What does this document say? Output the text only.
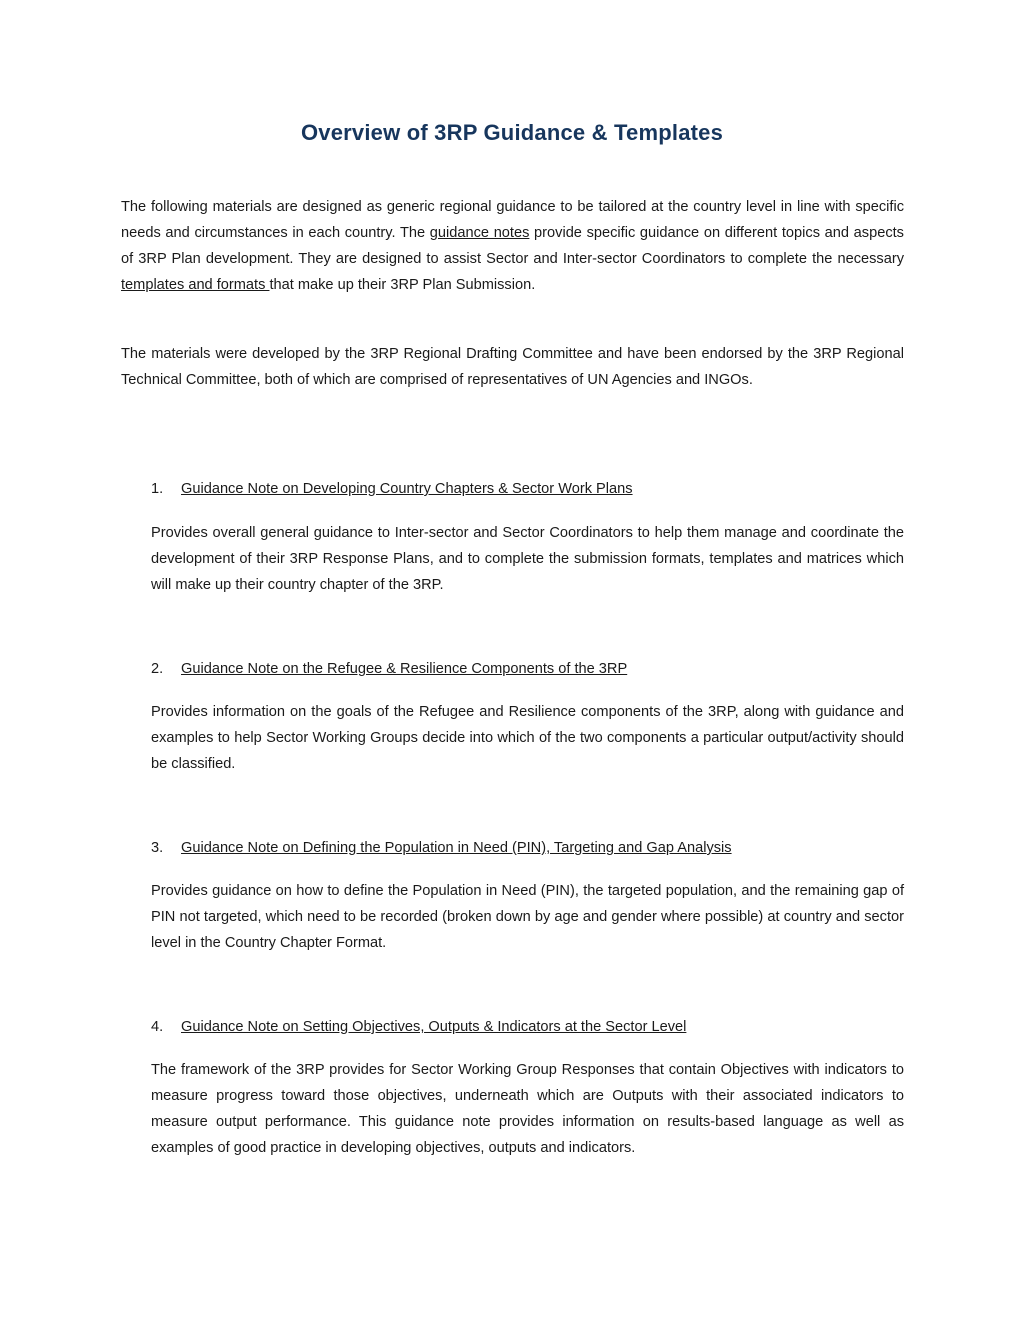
Overview of 3RP Guidance & Templates
The following materials are designed as generic regional guidance to be tailored at the country level in line with specific needs and circumstances in each country. The guidance notes provide specific guidance on different topics and aspects of 3RP Plan development. They are designed to assist Sector and Inter-sector Coordinators to complete the necessary templates and formats that make up their 3RP Plan Submission.
The materials were developed by the 3RP Regional Drafting Committee and have been endorsed by the 3RP Regional Technical Committee, both of which are comprised of representatives of UN Agencies and INGOs.
1. Guidance Note on Developing Country Chapters & Sector Work Plans
Provides overall general guidance to Inter-sector and Sector Coordinators to help them manage and coordinate the development of their 3RP Response Plans, and to complete the submission formats, templates and matrices which will make up their country chapter of the 3RP.
2. Guidance Note on the Refugee & Resilience Components of the 3RP
Provides information on the goals of the Refugee and Resilience components of the 3RP, along with guidance and examples to help Sector Working Groups decide into which of the two components a particular output/activity should be classified.
3. Guidance Note on Defining the Population in Need (PIN), Targeting and Gap Analysis
Provides guidance on how to define the Population in Need (PIN), the targeted population, and the remaining gap of PIN not targeted, which need to be recorded (broken down by age and gender where possible) at country and sector level in the Country Chapter Format.
4. Guidance Note on Setting Objectives, Outputs & Indicators at the Sector Level
The framework of the 3RP provides for Sector Working Group Responses that contain Objectives with indicators to measure progress toward those objectives, underneath which are Outputs with their associated indicators to measure output performance. This guidance note provides information on results-based language as well as examples of good practice in developing objectives, outputs and indicators.
